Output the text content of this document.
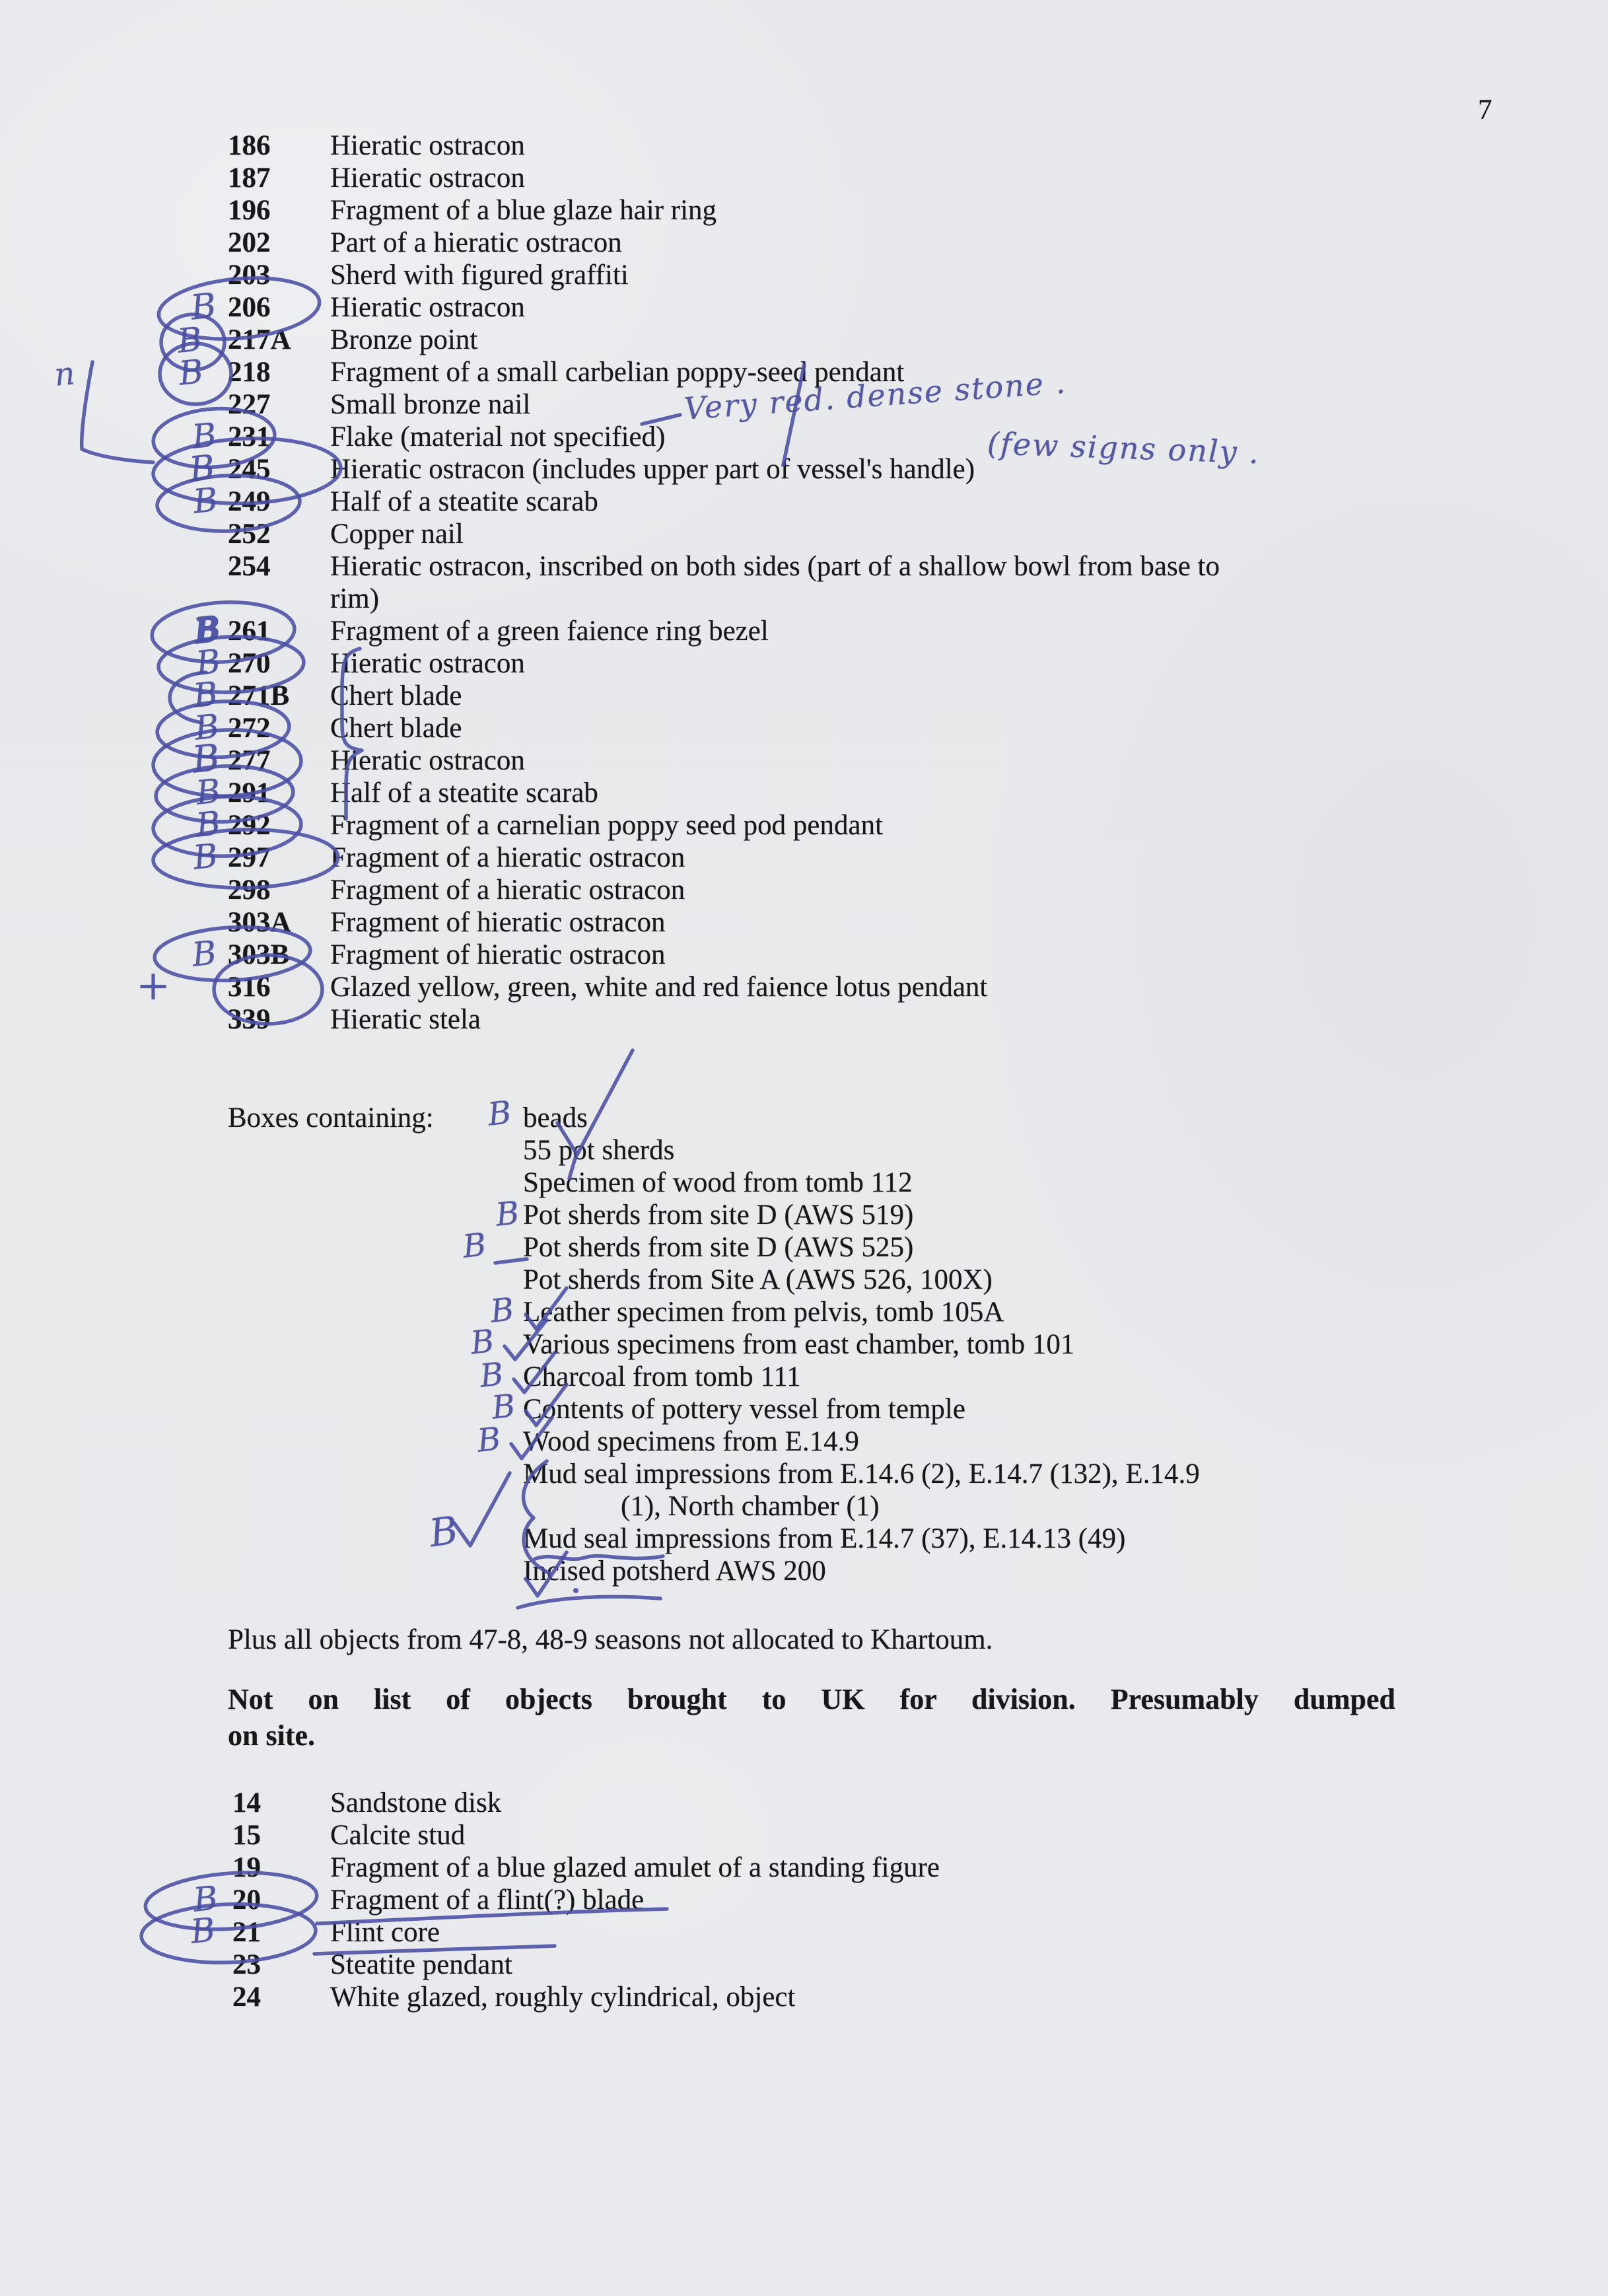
7
186 Hieratic ostracon
187 Hieratic ostracon
196 Fragment of a blue glaze hair ring
202 Part of a hieratic ostracon
203 Sherd with figured graffiti
206 Hieratic ostracon
217A Bronze point
218 Fragment of a small carbelian poppy-seed pendant
227 Small bronze nail
231 Flake (material not specified)
245 Hieratic ostracon (includes upper part of vessel's handle)
249 Half of a steatite scarab
252 Copper nail
254 Hieratic ostracon, inscribed on both sides (part of a shallow bowl from base to
rim)
261 Fragment of a green faience ring bezel
270 Hieratic ostracon
271B Chert blade
272 Chert blade
277 Hieratic ostracon
291 Half of a steatite scarab
292 Fragment of a carnelian poppy seed pod pendant
297 Fragment of a hieratic ostracon
298 Fragment of a hieratic ostracon
303A Fragment of hieratic ostracon
303B Fragment of hieratic ostracon
316 Glazed yellow, green, white and red faience lotus pendant
339 Hieratic stela
Boxes containing:	beads
55 pot sherds
Specimen of wood from tomb 112
Pot sherds from site D (AWS 519)
Pot sherds from site D (AWS 525)
Pot sherds from Site A (AWS 526, 100X)
Leather specimen from pelvis, tomb 105A
Various specimens from east chamber, tomb 101
Charcoal from tomb 111
Contents of pottery vessel from temple
Wood specimens from E.14.9
Mud seal impressions from E.14.6 (2), E.14.7 (132), E.14.9
(1), North chamber (1)
Mud seal impressions from E.14.7 (37), E.14.13 (49)
Incised potsherd AWS 200
Plus all objects from 47-8, 48-9 seasons not allocated to Khartoum.
Not on list of objects brought to UK for division. Presumably dumped
on site.
14 Sandstone disk
15 Calcite stud
19 Fragment of a blue glazed amulet of a standing figure
20 Fragment of a flint(?) blade
21 Flint core
23 Steatite pendant
24 White glazed, roughly cylindrical, object
n
B
B
B
B
Very red. dense stone .
B	(few signs only .
B
B
B
B
B
B
B
B
B
B
+
B
B
B
B
B
B
B
B
B
B
B
